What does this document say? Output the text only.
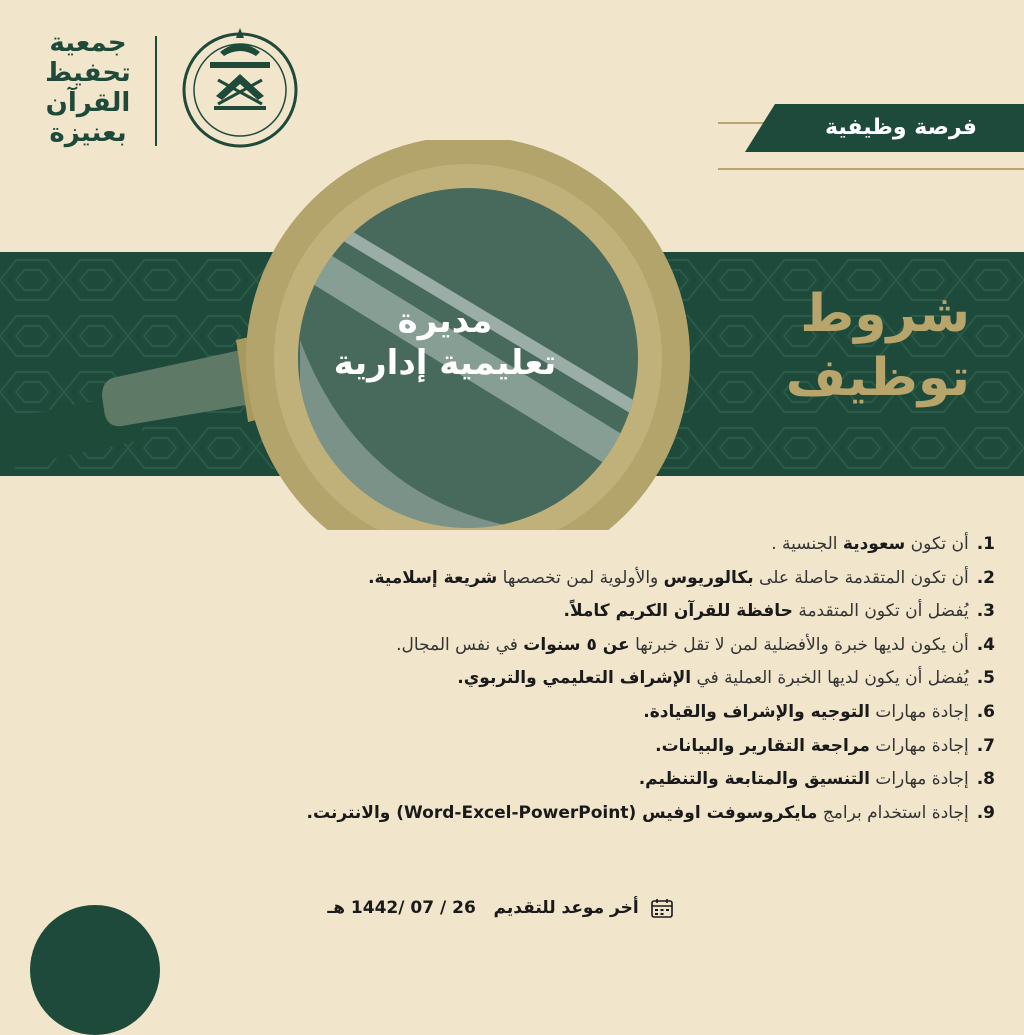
جمعية
تحفيظ
القرآن
بعنيزة	فرصة وظيفية
شروط
توظيف
مديرة
تعليمية إدارية
1.أن تكون سعودية الجنسية .
2.أن تكون المتقدمة حاصلة على بكالوريوس والأولوية لمن تخصصها شريعة إسلامية.
3.يُفضل أن تكون المتقدمة حافظة للقرآن الكريم كاملاً.
4.أن يكون لديها خبرة والأفضلية لمن لا تقل خبرتها عن ٥ سنوات في نفس المجال.
5.يُفضل أن يكون لديها الخبرة العملية في الإشراف التعليمي والتربوي.
6.إجادة مهارات التوجيه والإشراف والقيادة.
7.إجادة مهارات مراجعة التقارير والبيانات.
8.إجادة مهارات التنسيق والمتابعة والتنظيم.
9.إجادة استخدام برامج مايكروسوفت اوفيس (Word-Excel-PowerPoint) والانترنت.
أخر موعد للتقديم   26 / 07 /1442 هـ
